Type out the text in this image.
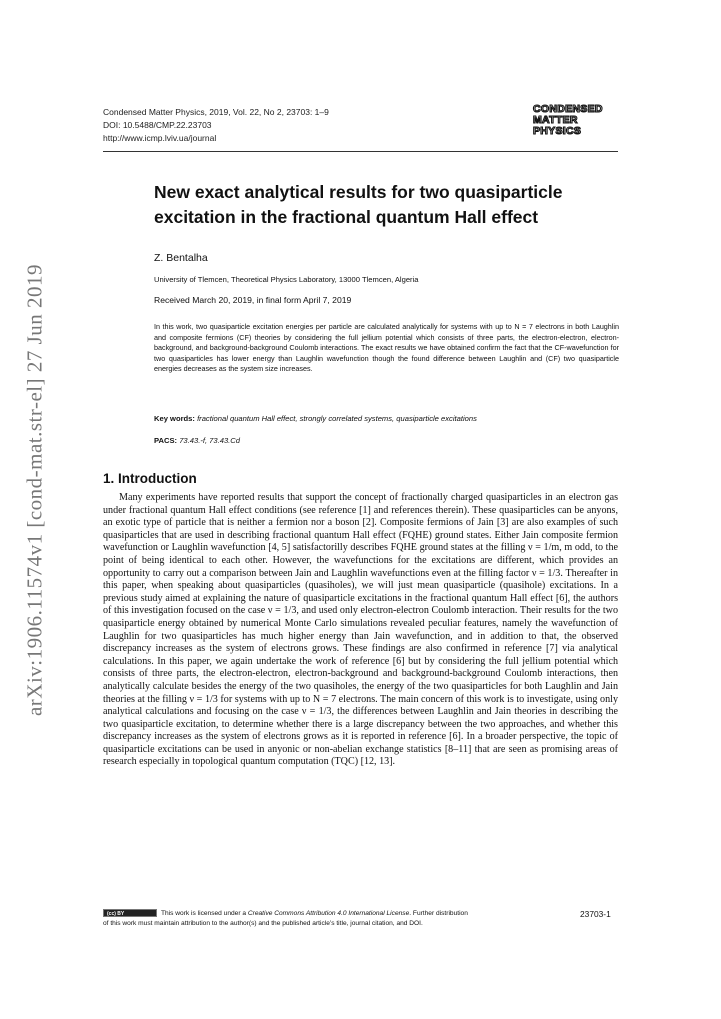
arXiv:1906.11574v1 [cond-mat.str-el] 27 Jun 2019
Condensed Matter Physics, 2019, Vol. 22, No 2, 23703: 1–9
DOI: 10.5488/CMP.22.23703
http://www.icmp.lviv.ua/journal
CONDENSED
MATTER
PHYSICS
New exact analytical results for two quasiparticle excitation in the fractional quantum Hall effect
Z. Bentalha
University of Tlemcen, Theoretical Physics Laboratory, 13000 Tlemcen, Algeria
Received March 20, 2019, in final form April 7, 2019

In this work, two quasiparticle excitation energies per particle are calculated analytically for systems with up to N = 7 electrons in both Laughlin and composite fermions (CF) theories by considering the full jellium potential which consists of three parts, the electron-electron, electron-background, and background-background Coulomb interactions. The exact results we have obtained confirm the fact that the CF-wavefunction for two quasiparticles has lower energy than Laughlin wavefunction though the found difference between Laughlin and (CF) two quasiparticle energies decreases as the system size increases.

Key words: fractional quantum Hall effect, strongly correlated systems, quasiparticle excitations
PACS: 73.43.-f, 73.43.Cd
1. Introduction

Many experiments have reported results that support the concept of fractionally charged quasiparticles in an electron gas under fractional quantum Hall effect conditions (see reference [1] and references therein). These quasiparticles can be anyons, an exotic type of particle that is neither a fermion nor a boson [2]. Composite fermions of Jain [3] are also examples of such quasiparticles that are used in describing fractional quantum Hall effect (FQHE) ground states. Either Jain composite fermion wavefunction or Laughlin wavefunction [4, 5] satisfactorilly describes FQHE ground states at the filling ν = 1/m, m odd, to the point of being identical to each other. However, the wavefunctions for the excitations are different, which provides an opportunity to carry out a comparison between Jain and Laughlin wavefunctions even at the filling factor ν = 1/3. Thereafter in this paper, when speaking about quasiparticles (quasiholes), we will just mean quasiparticle (quasihole) excitations. In a previous study aimed at explaining the nature of quasiparticle excitations in the fractional quantum Hall effect [6], the authors of this investigation focused on the case ν = 1/3, and used only electron-electron Coulomb interaction. Their results for the two quasiparticle energy obtained by numerical Monte Carlo simulations revealed peculiar features, namely the wavefunction of Laughlin for two quasiparticles has much higher energy than Jain wavefunction, and in addition to that, the observed discrepancy increases as the system of electrons grows. These findings are also confirmed in reference [7] via analytical calculations. In this paper, we again undertake the work of reference [6] but by considering the full jellium potential which consists of three parts, the electron-electron, electron-background and background-background Coulomb interactions, then analytically calculate besides the energy of the two quasiholes, the energy of the two quasiparticles for both Laughlin and Jain theories at the filling ν = 1/3 for systems with up to N = 7 electrons. The main concern of this work is to investigate, using only analytical calculations and focusing on the case ν = 1/3, the differences between Laughlin and Jain theories in describing the two quasiparticle excitation, to determine whether there is a large discrepancy between the two approaches, and whether this discrepancy increases as the system of electrons grows as it is reported in reference [6]. In a broader perspective, the topic of quasiparticle excitations can be used in anyonic or non-abelian exchange statistics [8–11] that are seen as promising areas of research especially in topological quantum computation (TQC) [12, 13].

(cc) BY	This work is licensed under a Creative Commons Attribution 4.0 International License. Further distribution
of this work must maintain attribution to the author(s) and the published article’s title, journal citation, and DOI.
23703-1
